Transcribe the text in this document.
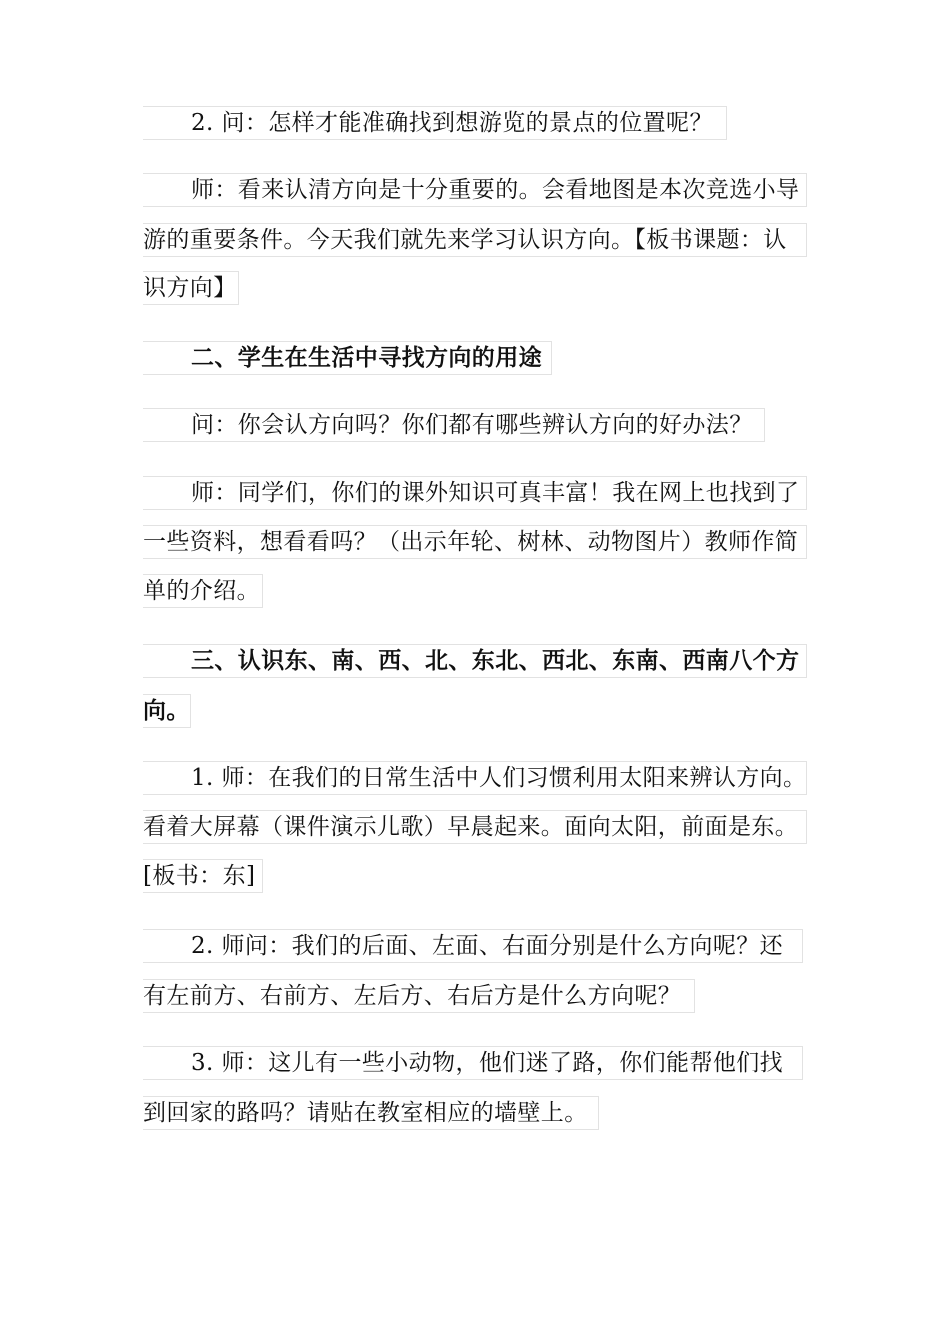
2. 问：怎样才能准确找到想游览的景点的位置呢？
师：看来认清方向是十分重要的。会看地图是本次竞选小导
游的重要条件。今天我们就先来学习认识方向。【板书课题：认
识方向】
二、学生在生活中寻找方向的用途
问：你会认方向吗？你们都有哪些辨认方向的好办法？
师：同学们，你们的课外知识可真丰富！我在网上也找到了
一些资料，想看看吗？（出示年轮、树林、动物图片）教师作简
单的介绍。
三、认识东、南、西、北、东北、西北、东南、西南八个方
向。
1. 师：在我们的日常生活中人们习惯利用太阳来辨认方向。
看着大屏幕（课件演示儿歌）早晨起来。面向太阳，前面是东。
[板书：东]
2. 师问：我们的后面、左面、右面分别是什么方向呢？还
有左前方、右前方、左后方、右后方是什么方向呢？
3. 师：这儿有一些小动物，他们迷了路，你们能帮他们找
到回家的路吗？请贴在教室相应的墙壁上。
